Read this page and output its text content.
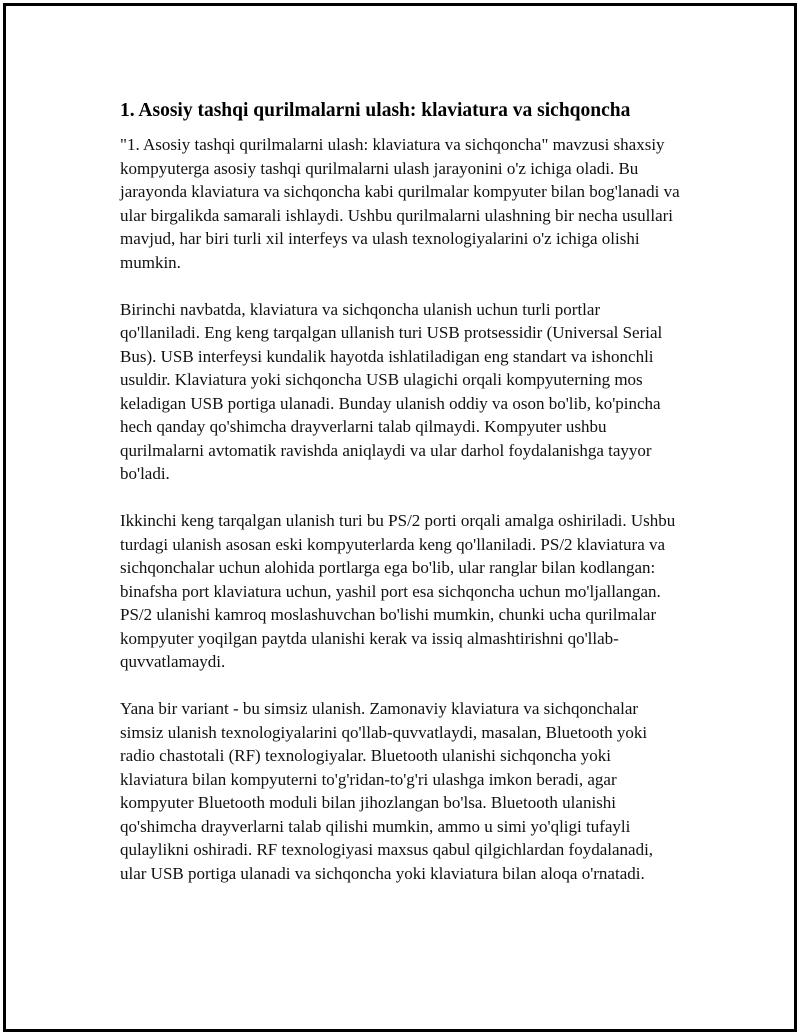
1. Asosiy tashqi qurilmalarni ulash: klaviatura va sichqoncha

"1. Asosiy tashqi qurilmalarni ulash: klaviatura va sichqoncha" mavzusi shaxsiy kompyuterga asosiy tashqi qurilmalarni ulash jarayonini o'z ichiga oladi. Bu jarayonda klaviatura va sichqoncha kabi qurilmalar kompyuter bilan bog'lanadi va ular birgalikda samarali ishlaydi. Ushbu qurilmalarni ulashning bir necha usullari mavjud, har biri turli xil interfeys va ulash texnologiyalarini o'z ichiga olishi mumkin.

Birinchi navbatda, klaviatura va sichqoncha ulanish uchun turli portlar qo'llaniladi. Eng keng tarqalgan ullanish turi USB protsessidir (Universal Serial Bus). USB interfeysi kundalik hayotda ishlatiladigan eng standart va ishonchli usuldir. Klaviatura yoki sichqoncha USB ulagichi orqali kompyuterning mos keladigan USB portiga ulanadi. Bunday ulanish oddiy va oson bo'lib, ko'pincha hech qanday qo'shimcha drayverlarni talab qilmaydi. Kompyuter ushbu qurilmalarni avtomatik ravishda aniqlaydi va ular darhol foydalanishga tayyor bo'ladi.

Ikkinchi keng tarqalgan ulanish turi bu PS/2 porti orqali amalga oshiriladi. Ushbu turdagi ulanish asosan eski kompyuterlarda keng qo'llaniladi. PS/2 klaviatura va sichqonchalar uchun alohida portlarga ega bo'lib, ular ranglar bilan kodlangan: binafsha port klaviatura uchun, yashil port esa sichqoncha uchun mo'ljallangan. PS/2 ulanishi kamroq moslashuvchan bo'lishi mumkin, chunki ucha qurilmalar kompyuter yoqilgan paytda ulanishi kerak va issiq almashtirishni qo'llab-quvvatlamaydi.

Yana bir variant - bu simsiz ulanish. Zamonaviy klaviatura va sichqonchalar simsiz ulanish texnologiyalarini qo'llab-quvvatlaydi, masalan, Bluetooth yoki radio chastotali (RF) texnologiyalar. Bluetooth ulanishi sichqoncha yoki klaviatura bilan kompyuterni to'g'ridan-to'g'ri ulashga imkon beradi, agar kompyuter Bluetooth moduli bilan jihozlangan bo'lsa. Bluetooth ulanishi qo'shimcha drayverlarni talab qilishi mumkin, ammo u simi yo'qligi tufayli qulaylikni oshiradi. RF texnologiyasi maxsus qabul qilgichlardan foydalanadi, ular USB portiga ulanadi va sichqoncha yoki klaviatura bilan aloqa o'rnatadi.
